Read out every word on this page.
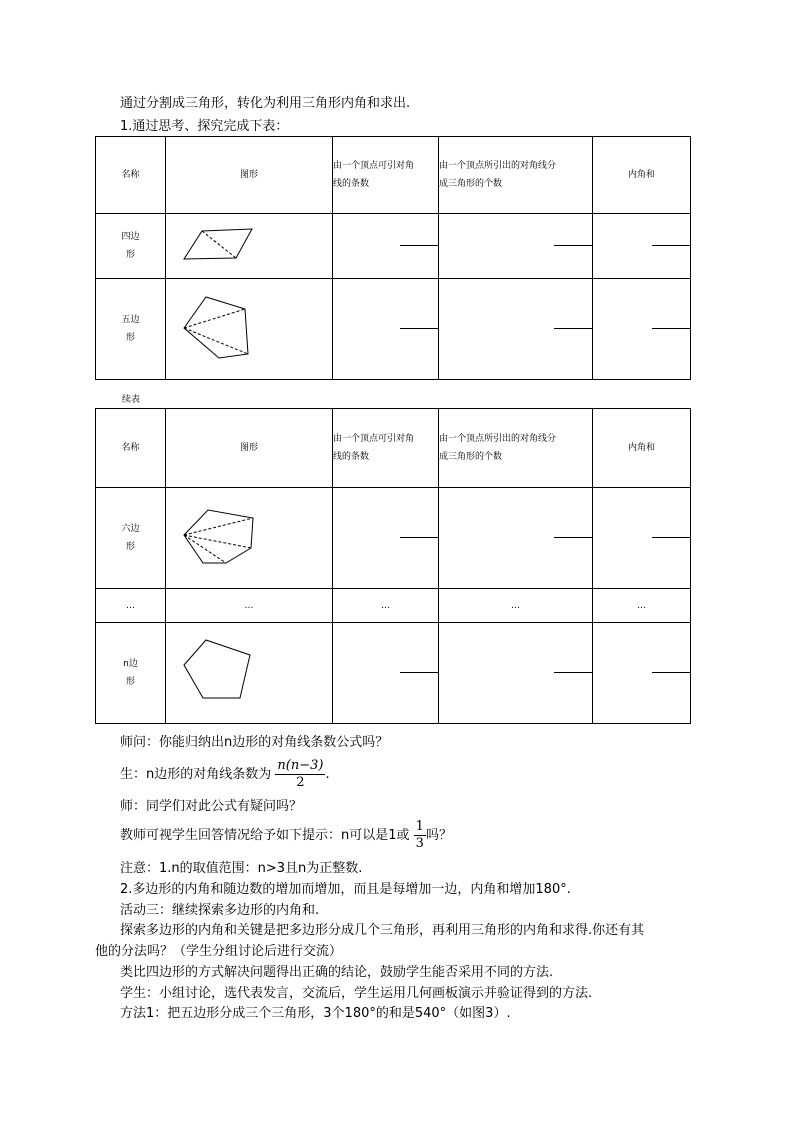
通过分割成三角形，转化为利用三角形内角和求出.
1.通过思考、探究完成下表：
名称	图形	由一个顶点可引对角
线的条数	由一个顶点所引出的对角线分
成三角形的个数	内角和
四边
形				
五边
形				
续表
名称	图形	由一个顶点可引对角
线的条数	由一个顶点所引出的对角线分
成三角形的个数	内角和
六边
形				
…	…	…	…	…
n边
形				
师问：你能归纳出n边形的对角线条数公式吗？
生：n边形的对角线条数为 $\frac{n(n-3)}{2}$ .
师：同学们对此公式有疑问吗？
教师可视学生回答情况给予如下提示：n可以是1或 $\frac{1}{3}$ 吗？
注意：1.n的取值范围：n>3且n为正整数.
2.多边形的内角和随边数的增加而增加，而且是每增加一边，内角和增加180°.
活动三：继续探索多边形的内角和.
探索多边形的内角和关键是把多边形分成几个三角形，再利用三角形的内角和求得.你还有其
他的分法吗？（学生分组讨论后进行交流）
类比四边形的方式解决问题得出正确的结论，鼓励学生能否采用不同的方法.
学生：小组讨论，选代表发言，交流后，学生运用几何画板演示并验证得到的方法.
方法1：把五边形分成三个三角形，3个180°的和是540°（如图3）.
